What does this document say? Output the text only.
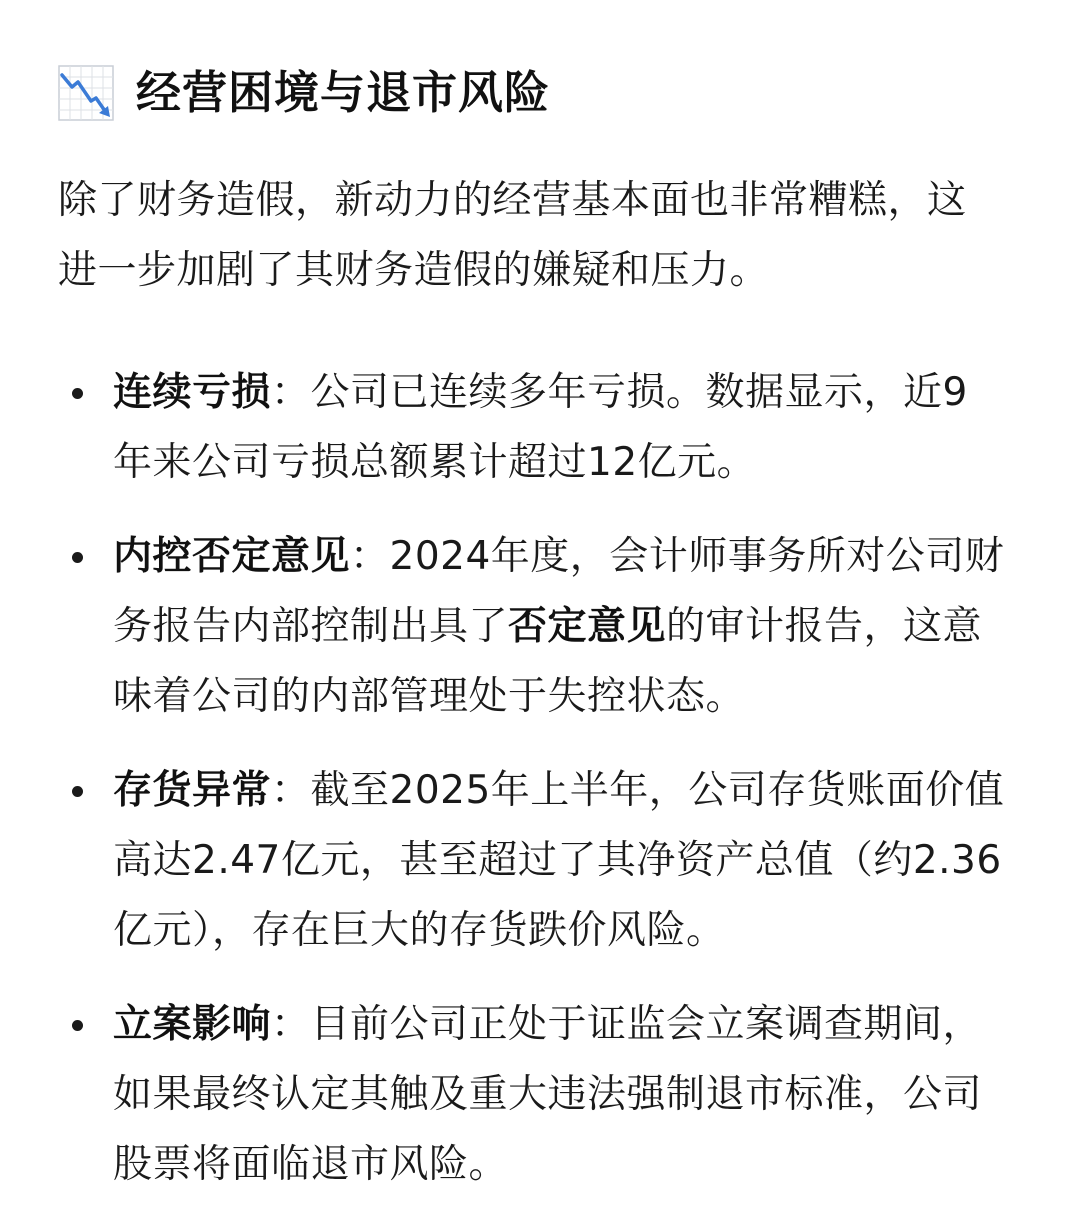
经营困境与退市风险

除了财务造假，新动力的经营基本面也非常糟糕，这进一步加剧了其财务造假的嫌疑和压力。

连续亏损：公司已连续多年亏损。数据显示，近9年来公司亏损总额累计超过12亿元。
内控否定意见：2024年度，会计师事务所对公司财务报告内部控制出具了否定意见的审计报告，这意味着公司的内部管理处于失控状态。
存货异常：截至2025年上半年，公司存货账面价值高达2.47亿元，甚至超过了其净资产总值（约2.36亿元），存在巨大的存货跌价风险。
立案影响：目前公司正处于证监会立案调查期间，如果最终认定其触及重大违法强制退市标准，公司股票将面临退市风险。
